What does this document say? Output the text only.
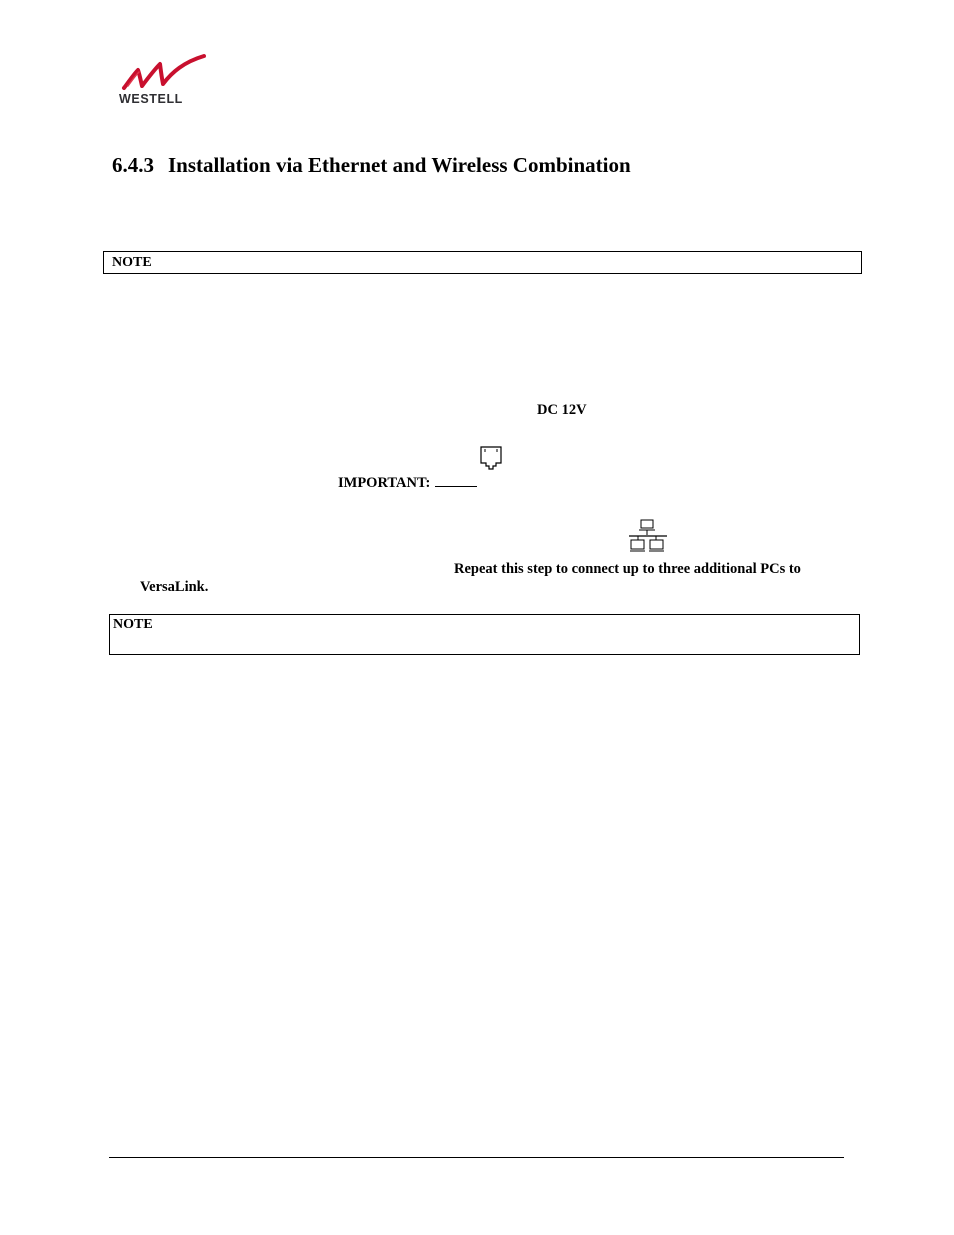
WESTELL
6.4.3 Installation via Ethernet and Wireless Combination
NOTE
DC 12V
IMPORTANT:
Repeat this step to connect up to three additional PCs to
VersaLink.
NOTE
